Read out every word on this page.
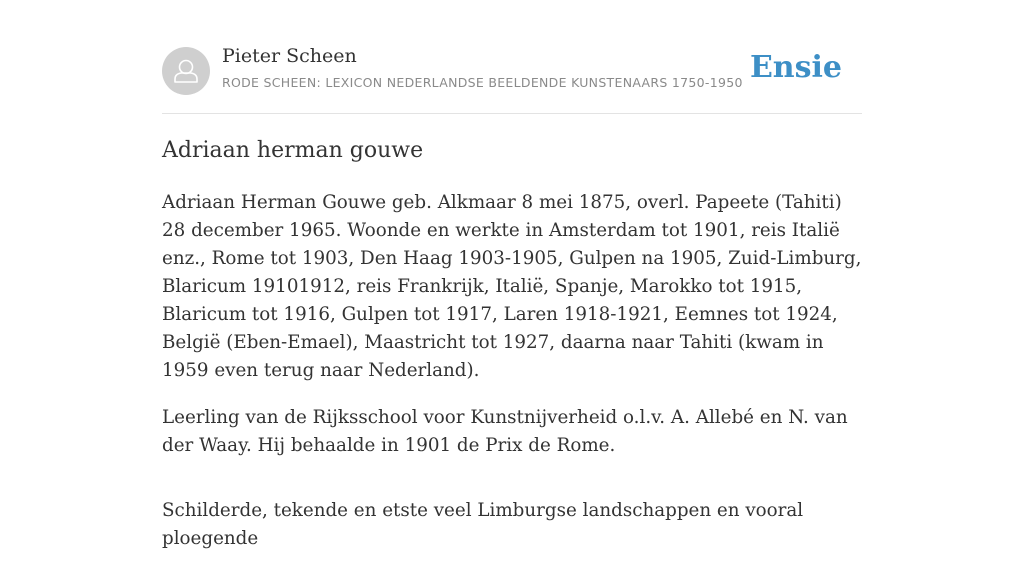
Pieter Scheen
RODE SCHEEN: LEXICON NEDERLANDSE BEELDENDE KUNSTENAARS 1750-1950 Ensie
Adriaan herman gouwe

Adriaan Herman Gouwe geb. Alkmaar 8 mei 1875, overl. Papeete (Tahiti) 28 december 1965. Woonde en werkte in Amsterdam tot 1901, reis Italië enz., Rome tot 1903, Den Haag 1903-1905, Gulpen na 1905, Zuid-Limburg, Blaricum 19101912, reis Frankrijk, Italië, Spanje, Marokko tot 1915, Blaricum tot 1916, Gulpen tot 1917, Laren 1918-1921, Eemnes tot 1924, België (Eben-Emael), Maastricht tot 1927, daarna naar Tahiti (kwam in 1959 even terug naar Nederland).

Leerling van de Rijksschool voor Kunstnijverheid o.l.v. A. Allebé en N. van der Waay. Hij behaalde in 1901 de Prix de Rome.

Schilderde, tekende en etste veel Limburgse landschappen en vooral ploegende
